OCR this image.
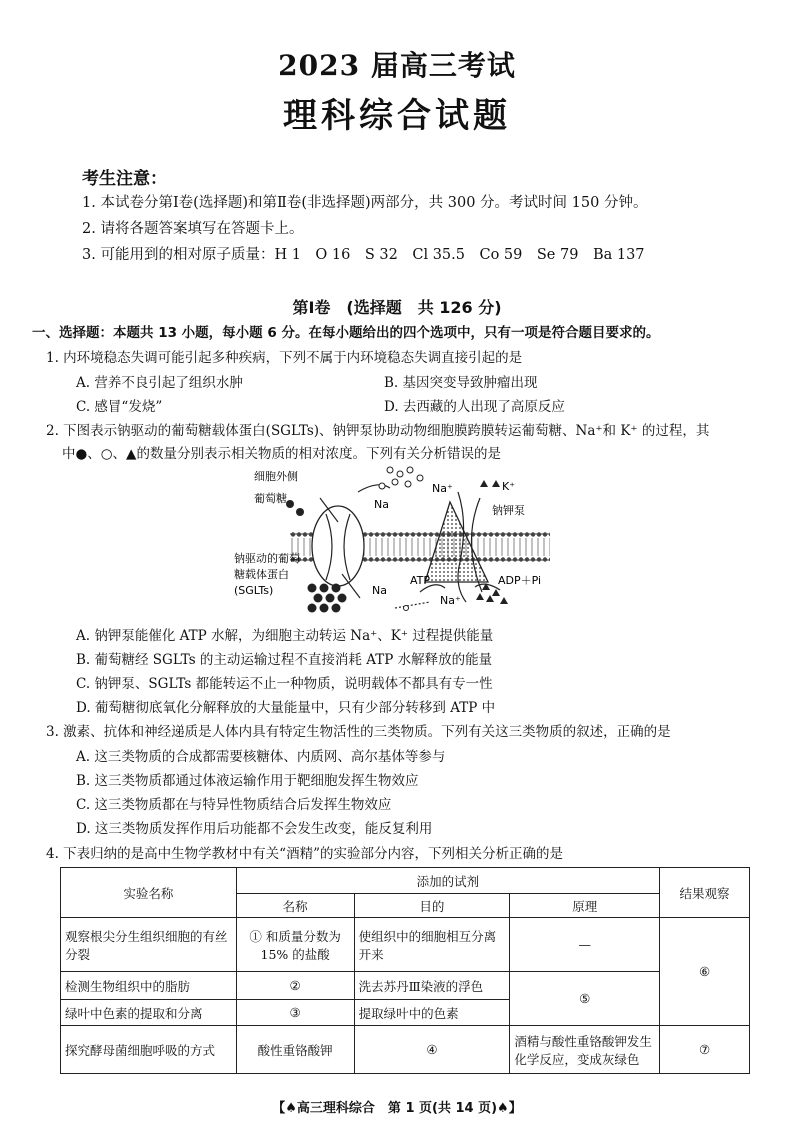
2023 届高三考试
理科综合试题
考生注意：
1. 本试卷分第Ⅰ卷(选择题)和第Ⅱ卷(非选择题)两部分，共 300 分。考试时间 150 分钟。
2. 请将各题答案填写在答题卡上。
3. 可能用到的相对原子质量：H 1　O 16　S 32　Cl 35.5　Co 59　Se 79　Ba 137
第Ⅰ卷　(选择题　共 126 分)
一、选择题：本题共 13 小题，每小题 6 分。在每小题给出的四个选项中，只有一项是符合题目要求的。
1. 内环境稳态失调可能引起多种疾病，下列不属于内环境稳态失调直接引起的是
A. 营养不良引起了组织水肿	B. 基因突变导致肿瘤出现
C. 感冒“发烧”	D. 去西藏的人出现了高原反应
2. 下图表示钠驱动的葡萄糖载体蛋白(SGLTs)、钠钾泵协助动物细胞膜跨膜转运葡萄糖、Na⁺和 K⁺ 的过程，其
中●、○、▲的数量分别表示相关物质的相对浓度。下列有关分析错误的是
细胞外侧
葡萄糖	Na
Na⁺	K⁺
钠钾泵
钠驱动的葡萄
糖载体蛋白
(SGLTs)	Na
ATP	ADP＋Pi
Na⁺
A. 钠钾泵能催化 ATP 水解，为细胞主动转运 Na⁺、K⁺ 过程提供能量
B. 葡萄糖经 SGLTs 的主动运输过程不直接消耗 ATP 水解释放的能量
C. 钠钾泵、SGLTs 都能转运不止一种物质，说明载体不都具有专一性
D. 葡萄糖彻底氧化分解释放的大量能量中，只有少部分转移到 ATP 中
3. 激素、抗体和神经递质是人体内具有特定生物活性的三类物质。下列有关这三类物质的叙述，正确的是
A. 这三类物质的合成都需要核糖体、内质网、高尔基体等参与
B. 这三类物质都通过体液运输作用于靶细胞发挥生物效应
C. 这三类物质都在与特异性物质结合后发挥生物效应
D. 这三类物质发挥作用后功能都不会发生改变，能反复利用
4. 下表归纳的是高中生物学教材中有关“酒精”的实验部分内容，下列相关分析正确的是
实验名称	添加的试剂			结果观察
	名称	目的	原理	
观察根尖分生组织细胞的有丝分裂	① 和质量分数为 15% 的盐酸	使组织中的细胞相互分离开来	—	⑥
检测生物组织中的脂肪	②	洗去苏丹Ⅲ染液的浮色	⑤	
绿叶中色素的提取和分离	③	提取绿叶中的色素		
探究酵母菌细胞呼吸的方式	酸性重铬酸钾	④	酒精与酸性重铬酸钾发生化学反应，变成灰绿色	⑦
【♠高三理科综合　第 1 页(共 14 页)♠】
